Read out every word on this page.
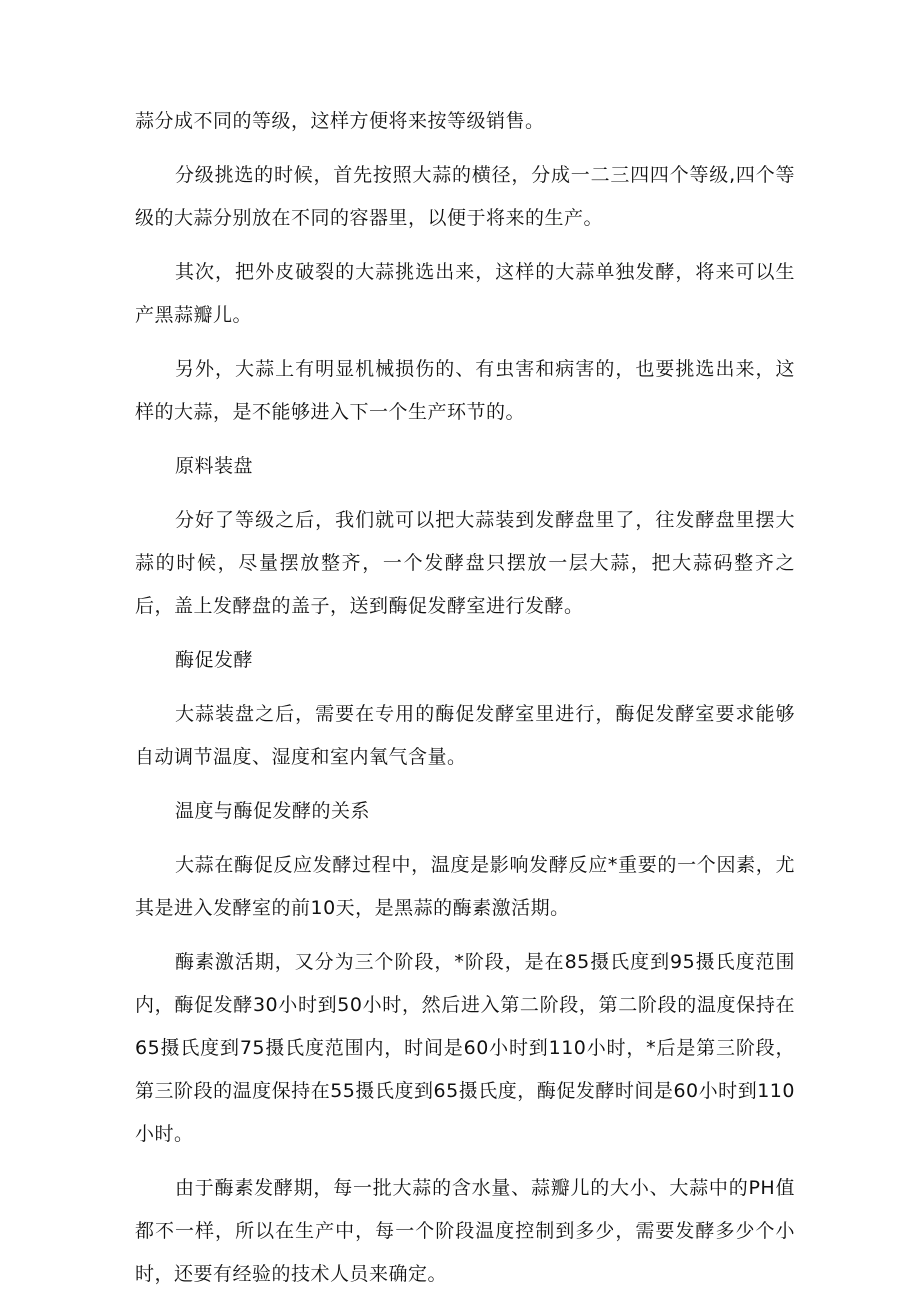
蒜分成不同的等级，这样方便将来按等级销售。

分级挑选的时候，首先按照大蒜的横径，分成一二三四四个等级,四个等级的大蒜分别放在不同的容器里，以便于将来的生产。

其次，把外皮破裂的大蒜挑选出来，这样的大蒜单独发酵，将来可以生产黑蒜瓣儿。

另外，大蒜上有明显机械损伤的、有虫害和病害的，也要挑选出来，这样的大蒜，是不能够进入下一个生产环节的。

原料装盘

分好了等级之后，我们就可以把大蒜装到发酵盘里了，往发酵盘里摆大蒜的时候，尽量摆放整齐，一个发酵盘只摆放一层大蒜，把大蒜码整齐之后，盖上发酵盘的盖子，送到酶促发酵室进行发酵。

酶促发酵

大蒜装盘之后，需要在专用的酶促发酵室里进行，酶促发酵室要求能够自动调节温度、湿度和室内氧气含量。

温度与酶促发酵的关系

大蒜在酶促反应发酵过程中，温度是影响发酵反应*重要的一个因素，尤其是进入发酵室的前10天，是黑蒜的酶素激活期。

酶素激活期，又分为三个阶段，*阶段，是在85摄氏度到95摄氏度范围内，酶促发酵30小时到50小时，然后进入第二阶段，第二阶段的温度保持在65摄氏度到75摄氏度范围内，时间是60小时到110小时，*后是第三阶段，第三阶段的温度保持在55摄氏度到65摄氏度，酶促发酵时间是60小时到110小时。

由于酶素发酵期，每一批大蒜的含水量、蒜瓣儿的大小、大蒜中的PH值都不一样，所以在生产中，每一个阶段温度控制到多少，需要发酵多少个小时，还要有经验的技术人员来确定。
